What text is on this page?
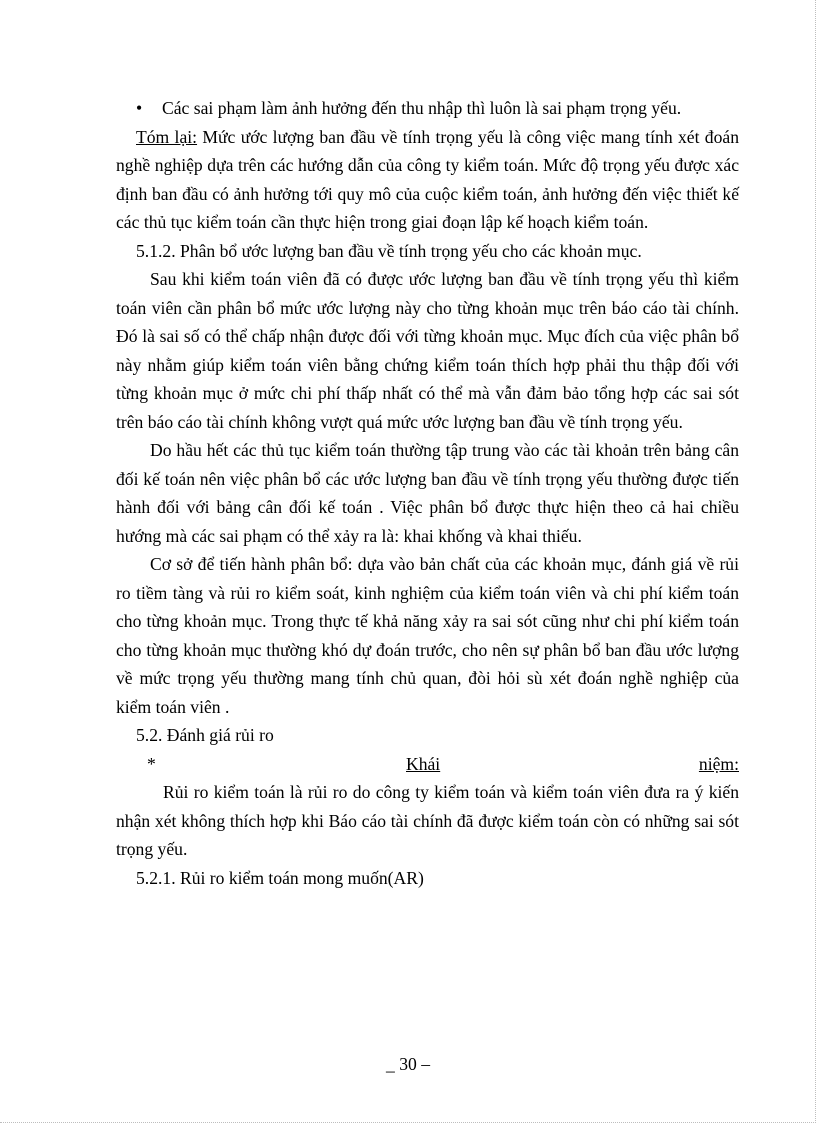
•	Các sai phạm làm ảnh hưởng đến thu nhập thì luôn là sai phạm trọng yếu.

Tóm lại: Mức ước lượng ban đầu về tính trọng yếu là công việc mang tính xét đoán nghề nghiệp dựa trên các hướng dẫn của công ty kiểm toán. Mức độ trọng yếu được xác định ban đầu có ảnh hưởng tới quy mô của cuộc kiểm toán, ảnh hưởng đến việc thiết kế các thủ tục kiểm toán cần thực hiện trong giai đoạn lập kế hoạch kiểm toán.

5.1.2. Phân bổ ước lượng ban đầu về tính trọng yếu cho các khoản mục.

Sau khi kiểm toán viên đã có được ước lượng ban đầu về tính trọng yếu thì kiểm toán viên cần phân bổ mức ước lượng này cho từng khoản mục trên báo cáo tài chính. Đó là sai số có thể chấp nhận được đối với từng khoản mục. Mục đích của việc phân bổ này nhằm giúp kiểm toán viên bằng chứng kiểm toán thích hợp phải thu thập đối với từng khoản mục ở mức chi phí thấp nhất có thể mà vẫn đảm bảo tổng hợp các sai sót trên báo cáo tài chính không vượt quá mức ước lượng ban đầu về tính trọng yếu.

Do hầu hết các thủ tục kiểm toán thường tập trung vào các tài khoản trên bảng cân đối kế toán nên việc phân bổ các ước lượng ban đầu về tính trọng yếu thường được tiến hành đối với bảng cân đối kế toán . Việc phân bổ được thực hiện theo cả hai chiều hướng mà các sai phạm có thể xảy ra là: khai khống và khai thiếu.

Cơ sở để tiến hành phân bổ: dựa vào bản chất của các khoản mục, đánh giá về rủi ro tiềm tàng và rủi ro kiểm soát, kinh nghiệm của kiểm toán viên và chi phí kiểm toán cho từng khoản mục. Trong thực tế khả năng xảy ra sai sót cũng như chi phí kiểm toán cho từng khoản mục thường khó dự đoán trước, cho nên sự phân bổ ban đầu ước lượng về mức trọng yếu thường mang tính chủ quan, đòi hỏi sù xét đoán nghề nghiệp của kiểm toán viên .

5.2. Đánh giá rủi ro

*	Khái	niệm:

Rủi ro kiểm toán là rủi ro do công ty kiểm toán và kiểm toán viên đưa ra ý kiến nhận xét không thích hợp khi Báo cáo tài chính đã được kiểm toán còn có những sai sót trọng yếu.

5.2.1. Rủi ro kiểm toán mong muốn(AR)

_ 30 –
